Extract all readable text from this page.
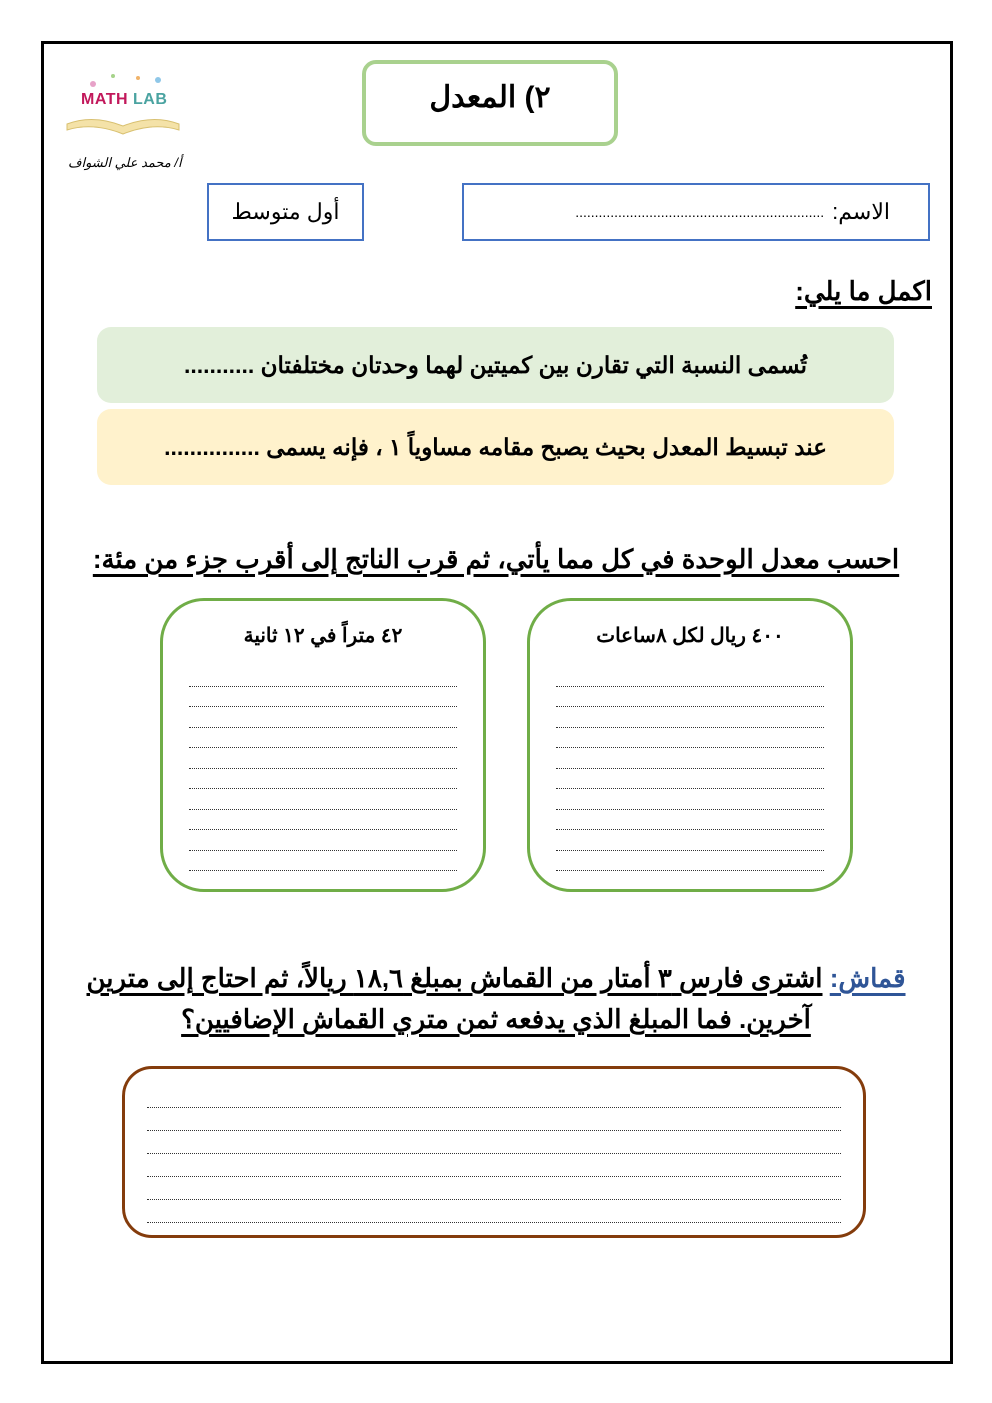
MATH LAB
أ/ محمد علي الشواف
٢) المعدل
أول متوسط	الاسم:
................................................................
اكمل ما يلي:
تُسمى النسبة التي تقارن بين كميتين لهما وحدتان مختلفتان ...........
عند تبسيط المعدل بحيث يصبح مقامه مساوياً ١ ، فإنه يسمى ...............
احسب معدل الوحدة في كل مما يأتي، ثم قرب الناتج إلى أقرب جزء من مئة:
٤٠٠ ريال لكل ٨ساعات
٤٢ متراً في ١٢ ثانية
قماش: اشترى فارس ٣ أمتار من القماش بمبلغ ١٨,٦ ريالاً، ثم احتاج إلى مترين آخرين. فما المبلغ الذي يدفعه ثمن متري القماش الإضافيين؟
